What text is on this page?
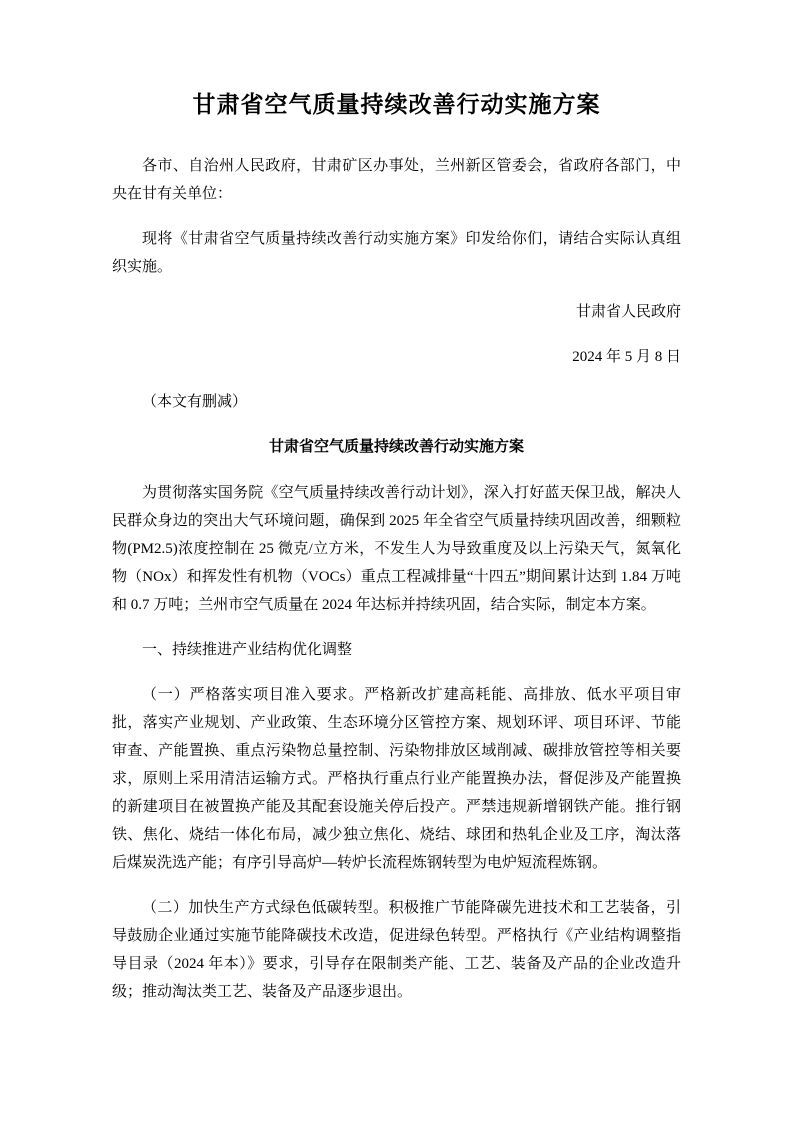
甘肃省空气质量持续改善行动实施方案

各市、自治州人民政府，甘肃矿区办事处，兰州新区管委会，省政府各部门，中央在甘有关单位：

现将《甘肃省空气质量持续改善行动实施方案》印发给你们，请结合实际认真组织实施。

甘肃省人民政府

2024 年 5 月 8 日

（本文有删减）

甘肃省空气质量持续改善行动实施方案

为贯彻落实国务院《空气质量持续改善行动计划》，深入打好蓝天保卫战，解决人民群众身边的突出大气环境问题，确保到 2025 年全省空气质量持续巩固改善，细颗粒物(PM2.5)浓度控制在 25 微克/立方米，不发生人为导致重度及以上污染天气，氮氧化物（NOx）和挥发性有机物（VOCs）重点工程减排量“十四五”期间累计达到 1.84 万吨和 0.7 万吨；兰州市空气质量在 2024 年达标并持续巩固，结合实际，制定本方案。

一、持续推进产业结构优化调整

（一）严格落实项目准入要求。严格新改扩建高耗能、高排放、低水平项目审批，落实产业规划、产业政策、生态环境分区管控方案、规划环评、项目环评、节能审查、产能置换、重点污染物总量控制、污染物排放区域削减、碳排放管控等相关要求，原则上采用清洁运输方式。严格执行重点行业产能置换办法，督促涉及产能置换的新建项目在被置换产能及其配套设施关停后投产。严禁违规新增钢铁产能。推行钢铁、焦化、烧结一体化布局，减少独立焦化、烧结、球团和热轧企业及工序，淘汰落后煤炭洗选产能；有序引导高炉—转炉长流程炼钢转型为电炉短流程炼钢。

（二）加快生产方式绿色低碳转型。积极推广节能降碳先进技术和工艺装备，引导鼓励企业通过实施节能降碳技术改造，促进绿色转型。严格执行《产业结构调整指导目录（2024 年本）》要求，引导存在限制类产能、工艺、装备及产品的企业改造升级；推动淘汰类工艺、装备及产品逐步退出。
